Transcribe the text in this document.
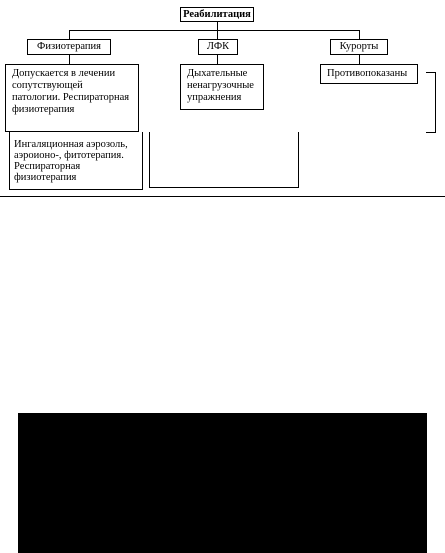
Реабилитация
Физиотерапия	ЛФК	Курорты
Допускается в лечении сопутствующей патологии. Респираторная физиотерапия
Дыхательные ненагрузочные упражнения
Противопоказаны
Ингаляционная аэрозоль, аэроионо-, фитотерапия. Респираторная физиотерапия
